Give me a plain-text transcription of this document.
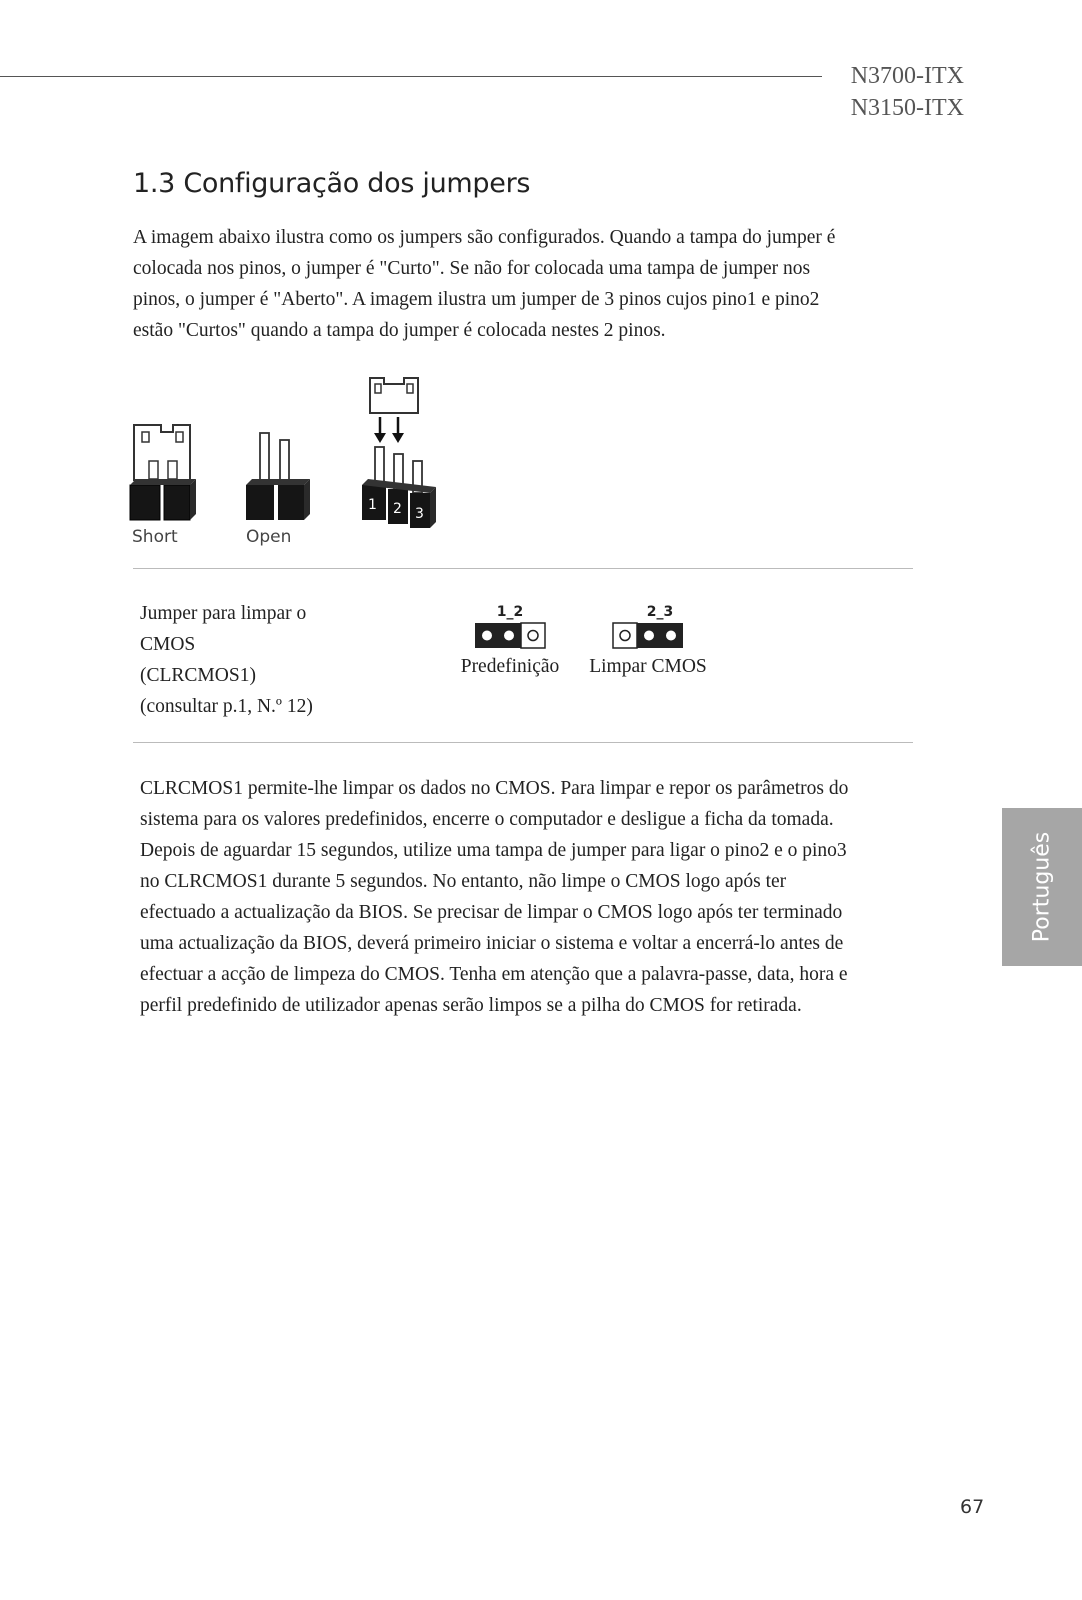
N3700-ITX
N3150-ITX
1.3 Configuração dos jumpers

A imagem abaixo ilustra como os jumpers são configurados. Quando a tampa do jumper é colocada nos pinos, o jumper é "Curto". Se não for colocada uma tampa de jumper nos pinos, o jumper é "Aberto". A imagem ilustra um jumper de 3 pinos cujos pino1 e pino2 estão "Curtos" quando a tampa do jumper é colocada nestes 2 pinos.

Short	Open
1 2 3
Jumper para limpar o
CMOS
(CLRCMOS1)
(consultar p.1, N.º 12)
1_2
Predefinição
2_3
Limpar CMOS

CLRCMOS1 permite-lhe limpar os dados no CMOS. Para limpar e repor os parâmetros do sistema para os valores predefinidos, encerre o computador e desligue a ficha da tomada. Depois de aguardar 15 segundos, utilize uma tampa de jumper para ligar o pino2 e o pino3 no CLRCMOS1 durante 5 segundos. No entanto, não limpe o CMOS logo após ter efectuado a actualização da BIOS. Se precisar de limpar o CMOS logo após ter terminado uma actualização da BIOS, deverá primeiro iniciar o sistema e voltar a encerrá-lo antes de efectuar a acção de limpeza do CMOS. Tenha em atenção que a palavra-passe, data, hora e perfil predefinido de utilizador apenas serão limpos se a pilha do CMOS for retirada.

Português
67
